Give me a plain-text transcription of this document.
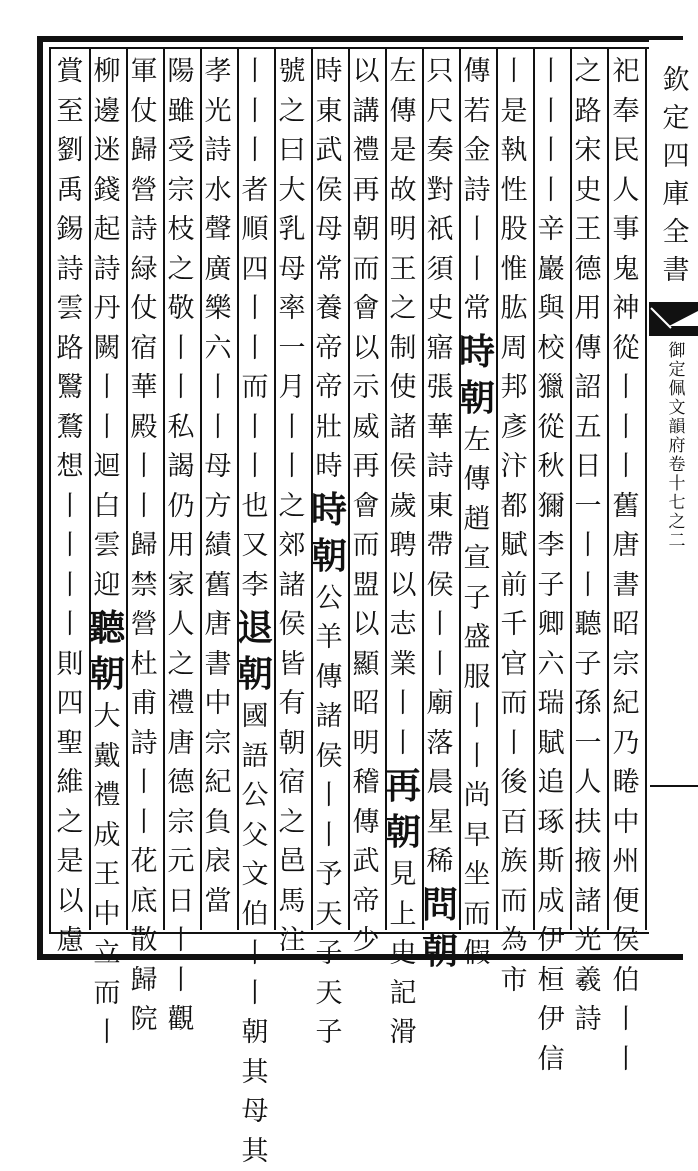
祀
奉
民
人
事
鬼
神
從
丨
丨
丨
舊
唐
書
昭
宗
紀
乃
睠
中
州
便
侯
伯
丨
丨
之
路
宋
史
王
德
用
傳
詔
五
日
一
丨
丨
聽
子
孫
一
人
扶
掖
諸
光
羲
詩
丨
丨
丨
丨
辛
巖
與
校
獵
從
秋
獮
李
子
卿
六
瑞
賦
追
琢
斯
成
伊
桓
伊
信
丨
是
執
性
股
惟
肱
周
邦
彥
汴
都
賦
前
千
官
而
丨
後
百
族
而
為
市
傳
若
金
詩
丨
丨
常
時
朝
左
傳
趙
宣
子
盛
服
丨
丨
尚
早
坐
而
假
只
尺
奏
對
祇
須
史
寤
張
華
詩
東
帶
侯
丨
丨
廟
落
晨
星
稀
問
朝
左
傳
是
故
明
王
之
制
使
諸
侯
歲
聘
以
志
業
丨
丨
再
朝
見
上
史
記
滑
以
講
禮
再
朝
而
會
以
示
威
再
會
而
盟
以
顯
昭
明
稽
傳
武
帝
少
時
東
武
侯
母
常
養
帝
帝
壯
時
時
朝
公
羊
傳
諸
侯
丨
丨
予
天
子
天
子
號
之
曰
大
乳
母
率
一
月
丨
丨
之
郊
諸
侯
皆
有
朝
宿
之
邑
馬
注
丨
丨
丨
者
順
四
丨
丨
而
丨
丨
也
又
李
退
朝
國
語
公
父
文
伯
丨
丨
朝
其
母
其
孝
光
詩
水
聲
廣
樂
六
丨
丨
母
方
績
舊
唐
書
中
宗
紀
負
扆
當
陽
雖
受
宗
枝
之
敬
丨
丨
私
謁
仍
用
家
人
之
禮
唐
德
宗
元
日
丨
丨
觀
軍
仗
歸
營
詩
緑
仗
宿
華
殿
丨
丨
歸
禁
營
杜
甫
詩
丨
丨
花
底
散
歸
院
柳
邊
迷
錢
起
詩
丹
闕
丨
丨
迴
白
雲
迎
聽
朝
大
戴
禮
成
王
中
立
而
丨
賞
至
劉
禹
錫
詩
雲
路
鷖
鶩
想
丨
丨
丨
丨
則
四
聖
維
之
是
以
慮
欽
定
四
庫
全
書
御
定
佩
文
韻
府
卷
十
七
之
二
